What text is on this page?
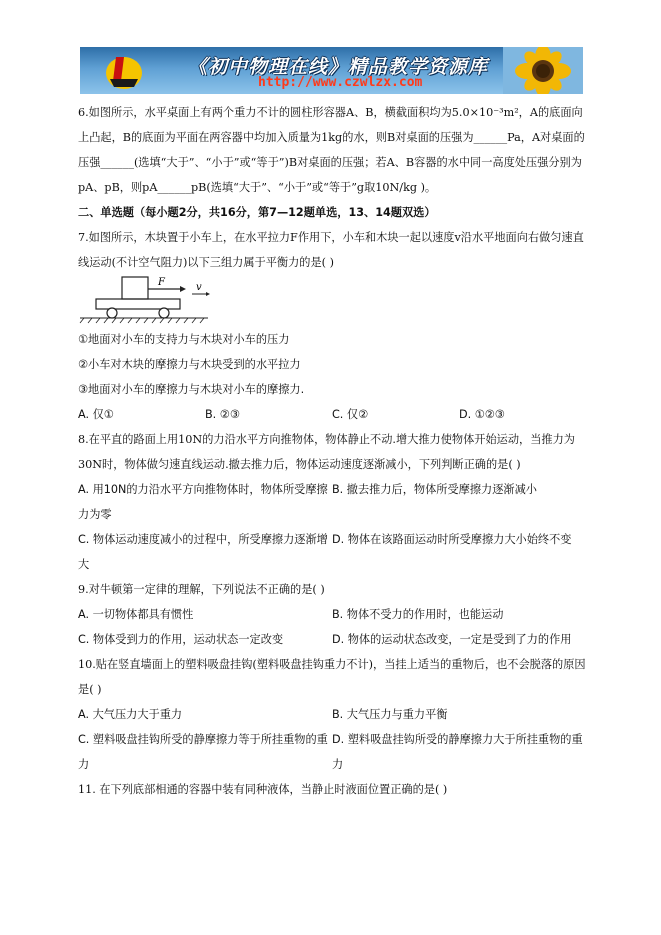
《初中物理在线》精品教学资源库
http://www.czwlzx.com

6.如图所示，水平桌面上有两个重力不计的圆柱形容器A、B，横截面积均为5.0×10⁻³m²，A的底面向上凸起，B的底面为平面在两容器中均加入质量为1kg的水，则B对桌面的压强为______Pa，A对桌面的压强______(选填“大于”、“小于”或“等于”)B对桌面的压强；若A、B容器的水中同一高度处压强分别为pA、pB，则pA______pB(选填“大于”、“小于”或“等于”g取10N/kg )。

二、单选题（每小题2分，共16分，第7—12题单选，13、14题双选）

7.如图所示，木块置于小车上，在水平拉力F作用下，小车和木块一起以速度v沿水平地面向右做匀速直线运动(不计空气阻力)以下三组力属于平衡力的是( )

F	v

①地面对小车的支持力与木块对小车的压力

②小车对木块的摩擦力与木块受到的水平拉力

③地面对小车的摩擦力与木块对小车的摩擦力.

A. 仅①	B. ②③	C. 仅②	D. ①②③

8.在平直的路面上用10N的力沿水平方向推物体，物体静止不动.增大推力使物体开始运动，当推力为30N时，物体做匀速直线运动.撤去推力后，物体运动速度逐渐减小，下列判断正确的是( )

A. 用10N的力沿水平方向推物体时，物体所受摩擦力为零
B. 撤去推力后，物体所受摩擦力逐渐减小
C. 物体运动速度减小的过程中，所受摩擦力逐渐增大
D. 物体在该路面运动时所受摩擦力大小始终不变

9.对牛顿第一定律的理解，下列说法不正确的是( )

A. 一切物体都具有惯性	B. 物体不受力的作用时，也能运动
C. 物体受到力的作用，运动状态一定改变	D. 物体的运动状态改变，一定是受到了力的作用

10.贴在竖直墙面上的塑料吸盘挂钩(塑料吸盘挂钩重力不计)，当挂上适当的重物后，也不会脱落的原因是( )

A. 大气压力大于重力	B. 大气压力与重力平衡
C. 塑料吸盘挂钩所受的静摩擦力等于所挂重物的重力
D. 塑料吸盘挂钩所受的静摩擦力大于所挂重物的重力

11. 在下列底部相通的容器中装有同种液体，当静止时液面位置正确的是( )
